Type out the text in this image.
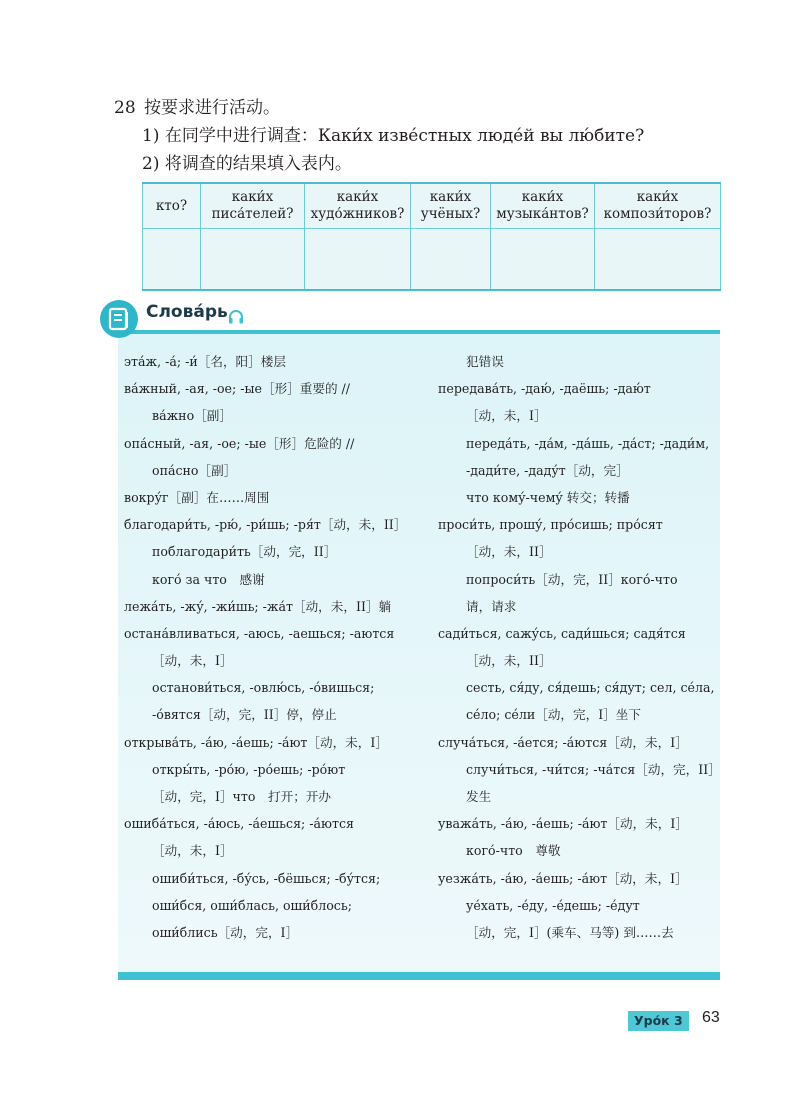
28 按要求进行活动。
1) 在同学中进行调查：Каки́х изве́стных люде́й вы лю́бите?
2) 将调查的结果填入表内。
кто?	каки́х писа́телей?	каки́х худо́жников?	каки́х учёных?	каки́х музыка́нтов?	каки́х компози́торов?

Слова́рь
эта́ж, -а́; -и́［名，阳］楼层
ва́жный, -ая, -ое; -ые［形］重要的 //
ва́жно［副］
опа́сный, -ая, -ое; -ые［形］危险的 //
опа́сно［副］
вокру́г［副］在……周围
благодари́ть, -рю́, -ри́шь; -ря́т［动，未，II］
поблагодари́ть［动，完，II］
кого́ за что　感谢
лежа́ть, -жу́, -жи́шь; -жа́т［动，未，II］躺
остана́вливаться, -аюсь, -аешься; -аются
［动，未，I］
останови́ться, -овлю́сь, -о́вишься;
-о́вятся［动，完，II］停，停止
открыва́ть, -а́ю, -а́ешь; -а́ют［动，未，I］
откры́ть, -ро́ю, -ро́ешь; -ро́ют
［动，完，I］что　打开；开办
ошиба́ться, -а́юсь, -а́ешься; -а́ются
［动，未，I］
ошиби́ться, -бу́сь, -бёшься; -бу́тся;
оши́бся, оши́блась, оши́блось;
оши́блись［动，完，I］
犯错误
передава́ть, -даю́, -даёшь; -даю́т
［动，未，I］
переда́ть, -да́м, -да́шь, -да́ст; -дади́м,
-дади́те, -даду́т［动，完］
что кому́-чему́ 转交；转播
проси́ть, прошу́, про́сишь; про́сят
［动，未，II］
попроси́ть［动，完，II］кого́-что
请，请求
сади́ться, сажу́сь, сади́шься; садя́тся
［动，未，II］
сесть, ся́ду, ся́дешь; ся́дут; сел, се́ла,
се́ло; се́ли［动，完，I］坐下
случа́ться, -а́ется; -а́ются［动，未，I］
случи́ться, -чи́тся; -ча́тся［动，完，II］
发生
уважа́ть, -а́ю, -а́ешь; -а́ют［动，未，I］
кого́-что　尊敬
уезжа́ть, -а́ю, -а́ешь; -а́ют［动，未，I］
уе́хать, -е́ду, -е́дешь; -е́дут
［动，完，I］(乘车、马等) 到……去
Уро́к 3	63
